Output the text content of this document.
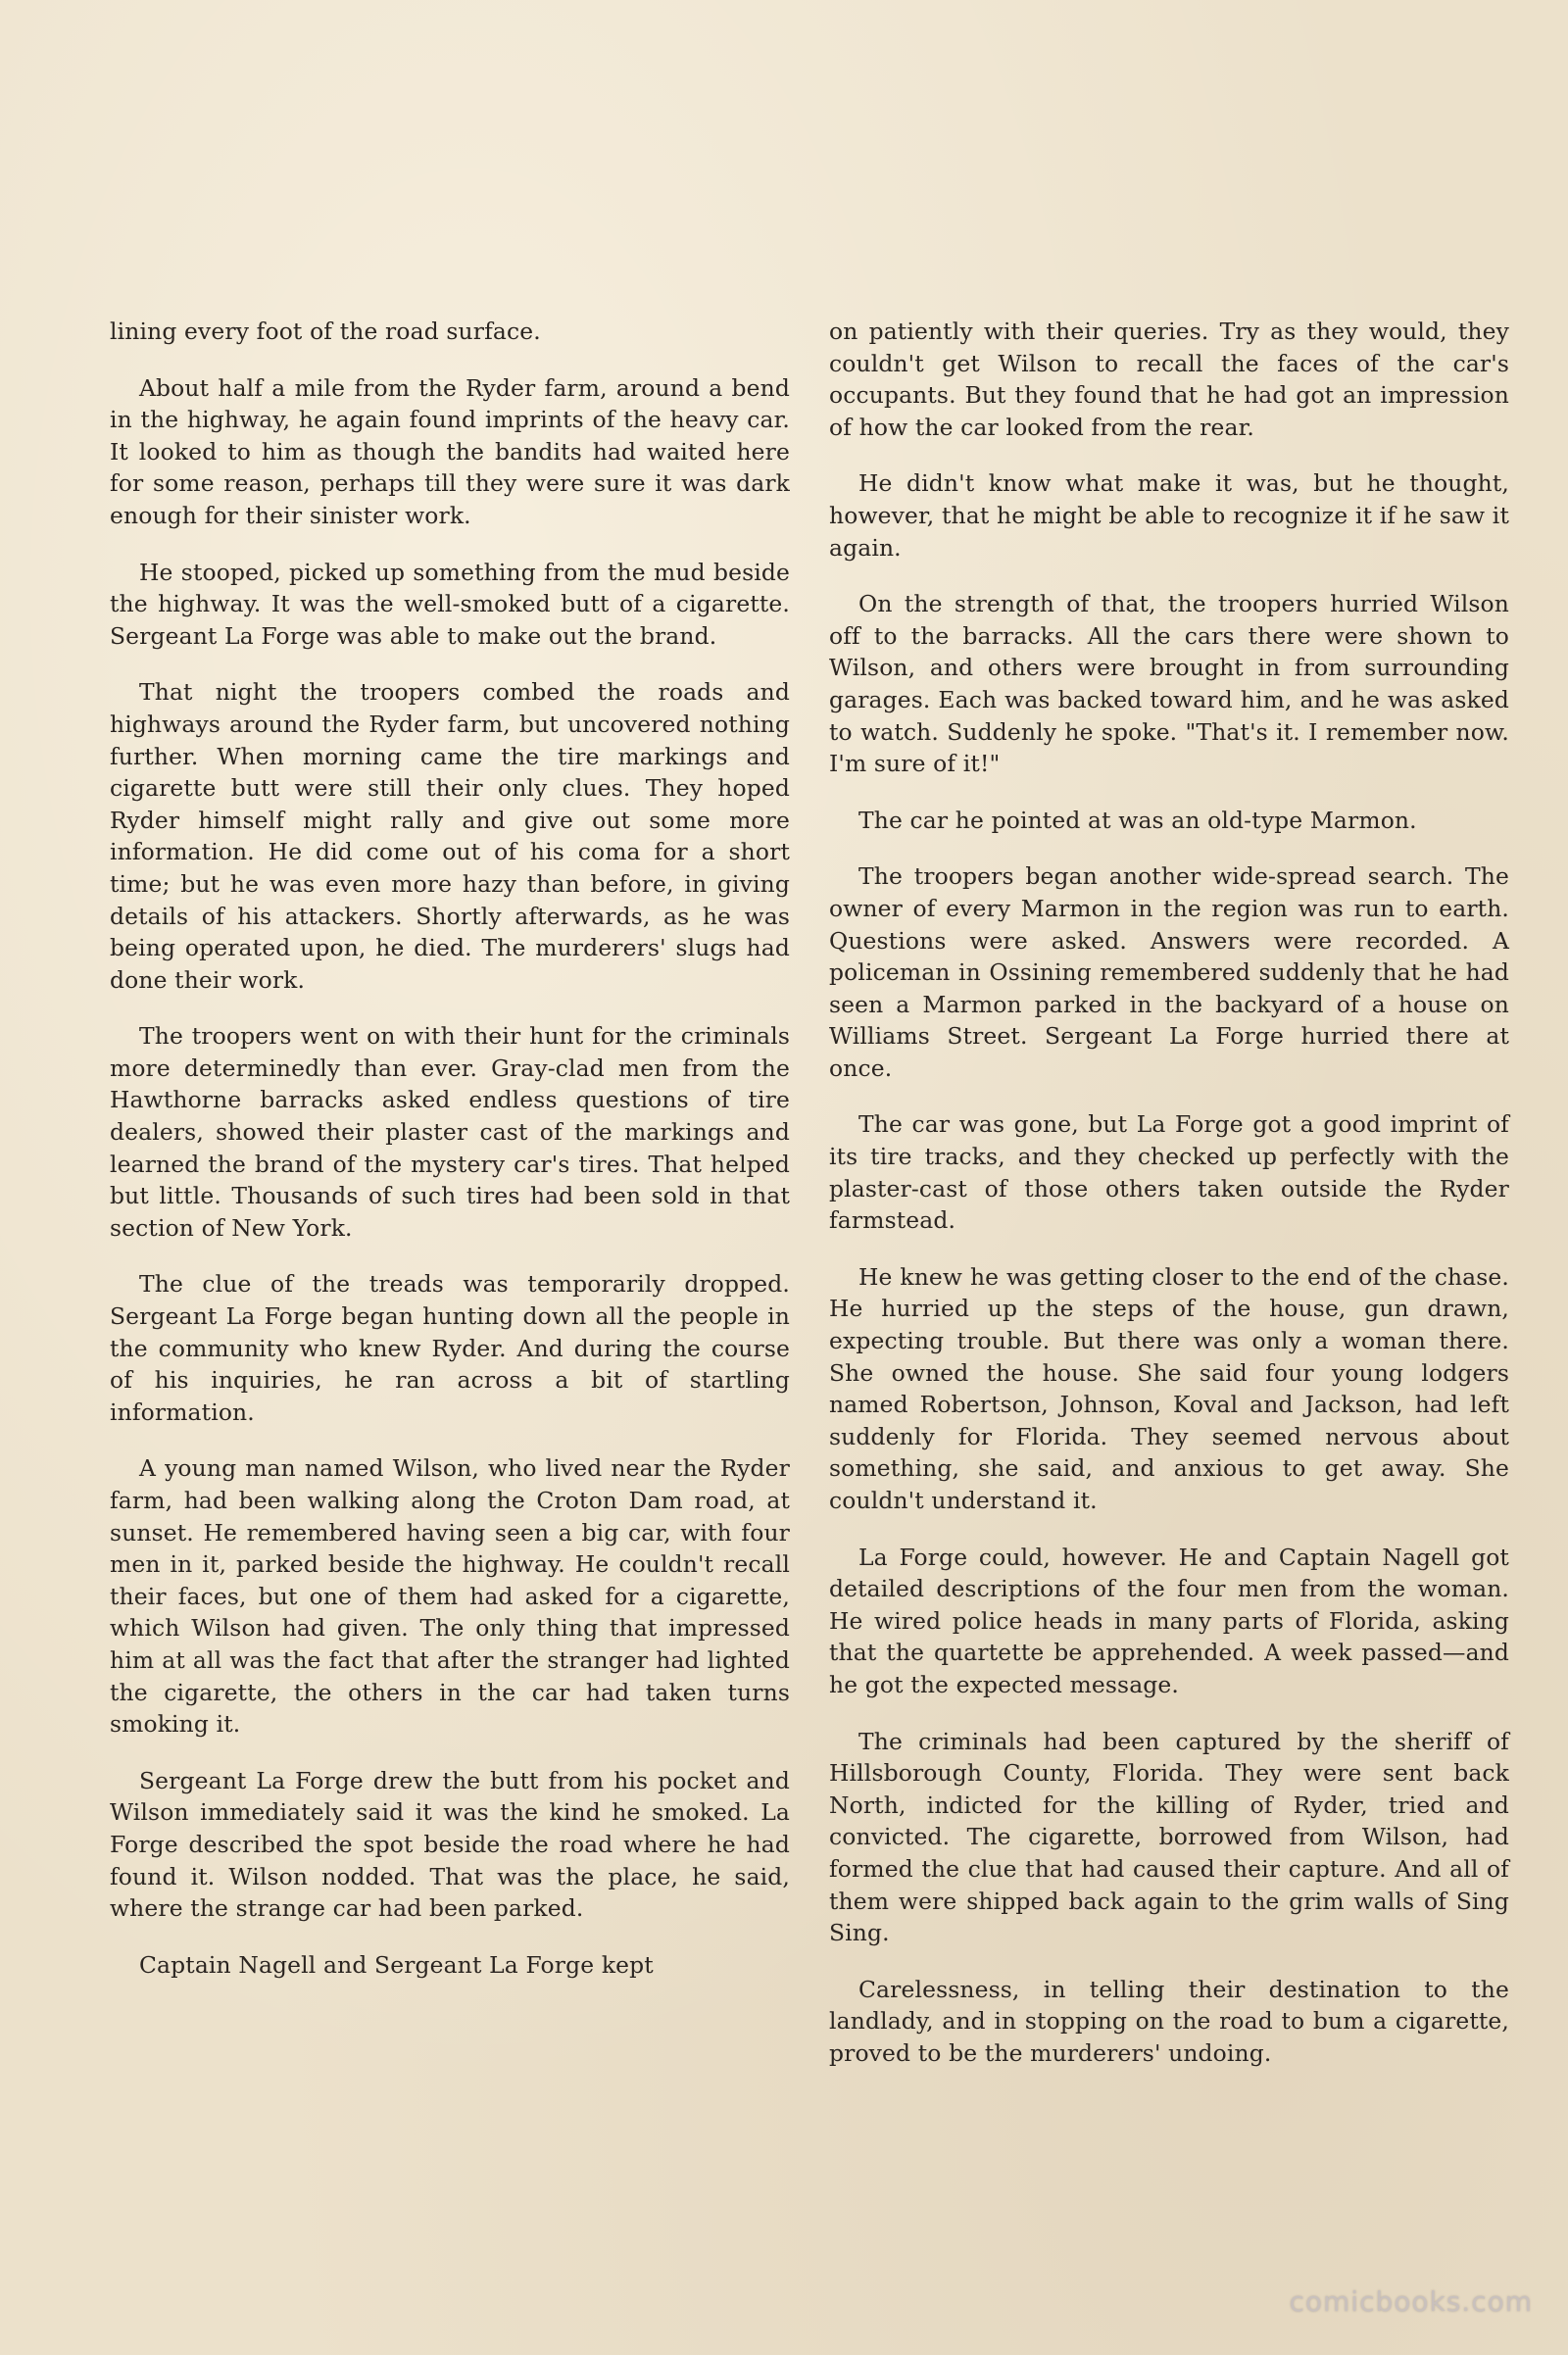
lining every foot of the road surface.

About half a mile from the Ryder farm, around a bend in the highway, he again found imprints of the heavy car. It looked to him as though the bandits had waited here for some reason, perhaps till they were sure it was dark enough for their sinister work.

He stooped, picked up something from the mud beside the highway. It was the well-smoked butt of a cigarette. Sergeant La Forge was able to make out the brand.

That night the troopers combed the roads and highways around the Ryder farm, but uncovered nothing further. When morning came the tire markings and cigarette butt were still their only clues. They hoped Ryder himself might rally and give out some more information. He did come out of his coma for a short time; but he was even more hazy than before, in giving details of his attackers. Shortly afterwards, as he was being operated upon, he died. The murderers' slugs had done their work.

The troopers went on with their hunt for the criminals more determinedly than ever. Gray-clad men from the Hawthorne barracks asked endless questions of tire dealers, showed their plaster cast of the markings and learned the brand of the mystery car's tires. That helped but little. Thousands of such tires had been sold in that section of New York.

The clue of the treads was temporarily dropped. Sergeant La Forge began hunting down all the people in the community who knew Ryder. And during the course of his inquiries, he ran across a bit of startling information.

A young man named Wilson, who lived near the Ryder farm, had been walking along the Croton Dam road, at sunset. He remembered having seen a big car, with four men in it, parked beside the highway. He couldn't recall their faces, but one of them had asked for a cigarette, which Wilson had given. The only thing that impressed him at all was the fact that after the stranger had lighted the cigarette, the others in the car had taken turns smoking it.

Sergeant La Forge drew the butt from his pocket and Wilson immediately said it was the kind he smoked. La Forge described the spot beside the road where he had found it. Wilson nodded. That was the place, he said, where the strange car had been parked.

Captain Nagell and Sergeant La Forge kept

on patiently with their queries. Try as they would, they couldn't get Wilson to recall the faces of the car's occupants. But they found that he had got an impression of how the car looked from the rear.

He didn't know what make it was, but he thought, however, that he might be able to recognize it if he saw it again.

On the strength of that, the troopers hurried Wilson off to the barracks. All the cars there were shown to Wilson, and others were brought in from surrounding garages. Each was backed toward him, and he was asked to watch. Suddenly he spoke. "That's it. I remember now. I'm sure of it!"

The car he pointed at was an old-type Marmon.

The troopers began another wide-spread search. The owner of every Marmon in the region was run to earth. Questions were asked. Answers were recorded. A policeman in Ossining remembered suddenly that he had seen a Marmon parked in the backyard of a house on Williams Street. Sergeant La Forge hurried there at once.

The car was gone, but La Forge got a good imprint of its tire tracks, and they checked up perfectly with the plaster-cast of those others taken outside the Ryder farmstead.

He knew he was getting closer to the end of the chase. He hurried up the steps of the house, gun drawn, expecting trouble. But there was only a woman there. She owned the house. She said four young lodgers named Robertson, Johnson, Koval and Jackson, had left suddenly for Florida. They seemed nervous about something, she said, and anxious to get away. She couldn't understand it.

La Forge could, however. He and Captain Nagell got detailed descriptions of the four men from the woman. He wired police heads in many parts of Florida, asking that the quartette be apprehended. A week passed—and he got the expected message.

The criminals had been captured by the sheriff of Hillsborough County, Florida. They were sent back North, indicted for the killing of Ryder, tried and convicted. The cigarette, borrowed from Wilson, had formed the clue that had caused their capture. And all of them were shipped back again to the grim walls of Sing Sing.

Carelessness, in telling their destination to the landlady, and in stopping on the road to bum a cigarette, proved to be the murderers' undoing.

comicbooks.com
